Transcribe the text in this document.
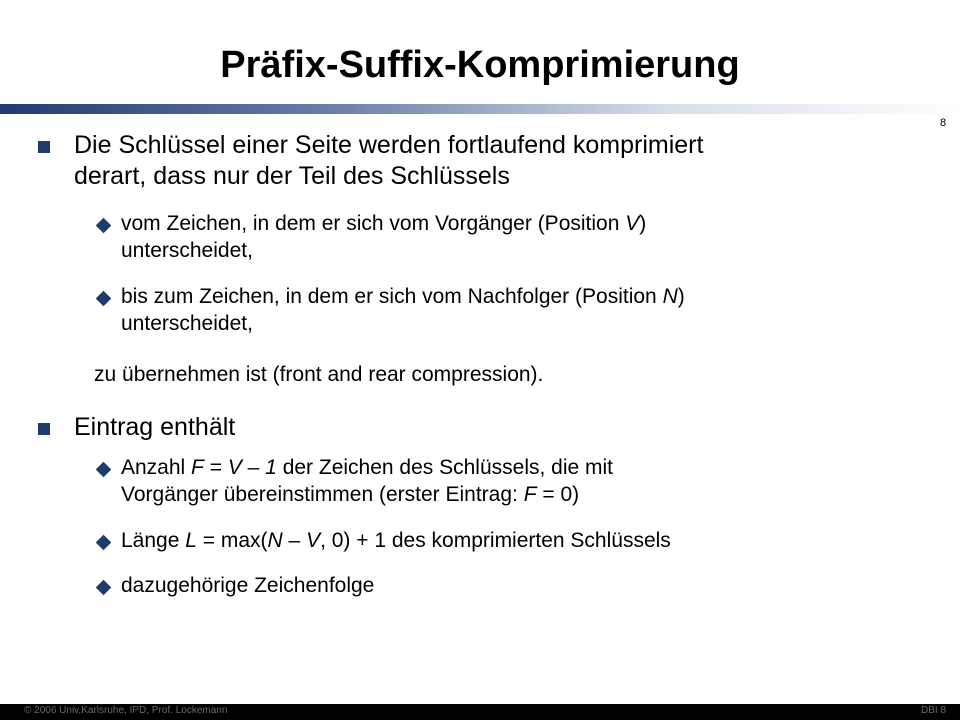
Präfix-Suffix-Komprimierung
8

Die Schlüssel einer Seite werden fortlaufend komprimiert

derart, dass nur der Teil des Schlüssels

vom Zeichen, in dem er sich vom Vorgänger (Position V)

unterscheidet,

bis zum Zeichen, in dem er sich vom Nachfolger (Position N)

unterscheidet,

zu übernehmen ist (front and rear compression).

Eintrag enthält

Anzahl F = V – 1 der Zeichen des Schlüssels, die mit

Vorgänger übereinstimmen (erster Eintrag: F = 0)

Länge L = max(N – V, 0) + 1 des komprimierten Schlüssels

dazugehörige Zeichenfolge

© 2006 Univ,Karlsruhe, IPD, Prof. Lockemann	DBI 8
